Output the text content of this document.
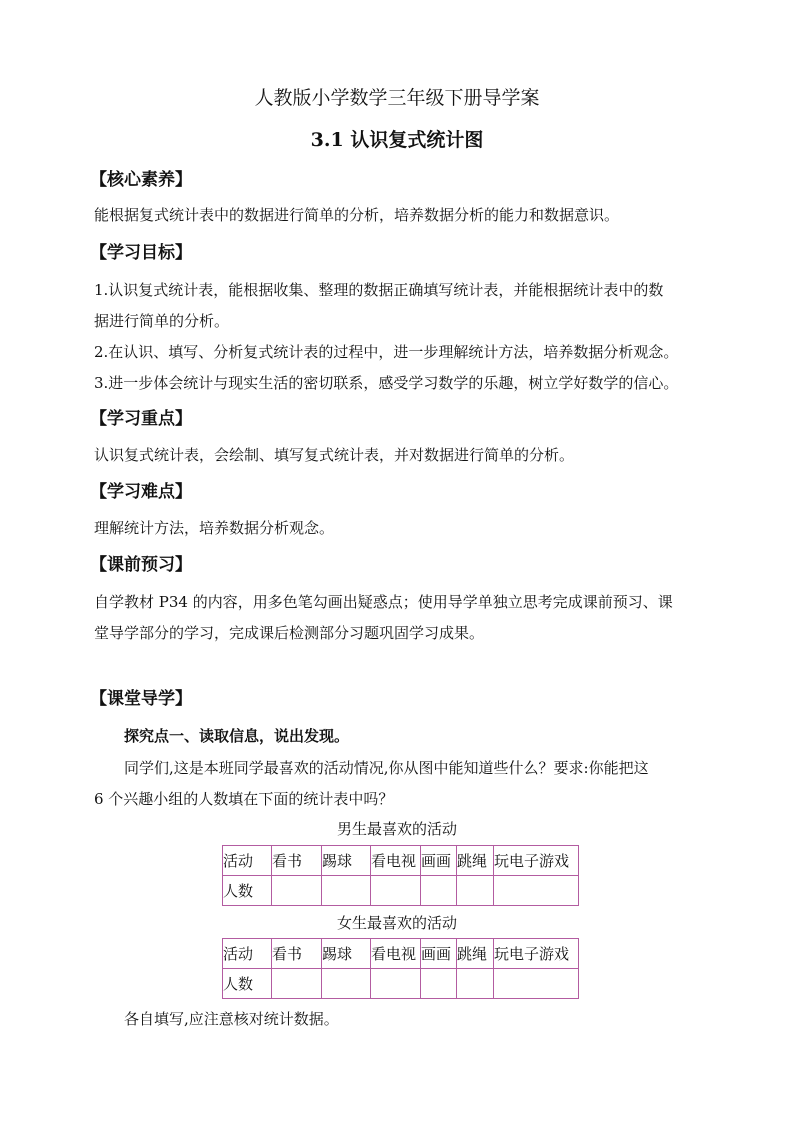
人教版小学数学三年级下册导学案
3.1 认识复式统计图
【核心素养】
能根据复式统计表中的数据进行简单的分析，培养数据分析的能力和数据意识。
【学习目标】
1.认识复式统计表，能根据收集、整理的数据正确填写统计表，并能根据统计表中的数
据进行简单的分析。
2.在认识、填写、分析复式统计表的过程中，进一步理解统计方法，培养数据分析观念。
3.进一步体会统计与现实生活的密切联系，感受学习数学的乐趣，树立学好数学的信心。
【学习重点】
认识复式统计表，会绘制、填写复式统计表，并对数据进行简单的分析。
【学习难点】
理解统计方法，培养数据分析观念。
【课前预习】
自学教材 P34 的内容，用多色笔勾画出疑惑点；使用导学单独立思考完成课前预习、课
堂导学部分的学习，完成课后检测部分习题巩固学习成果。
【课堂导学】
探究点一、读取信息，说出发现。
同学们,这是本班同学最喜欢的活动情况,你从图中能知道些什么？要求:你能把这
6 个兴趣小组的人数填在下面的统计表中吗？
男生最喜欢的活动
活动	看书	踢球	看电视	画画	跳绳	玩电子游戏
人数						
女生最喜欢的活动
活动	看书	踢球	看电视	画画	跳绳	玩电子游戏
人数						
各自填写,应注意核对统计数据。
